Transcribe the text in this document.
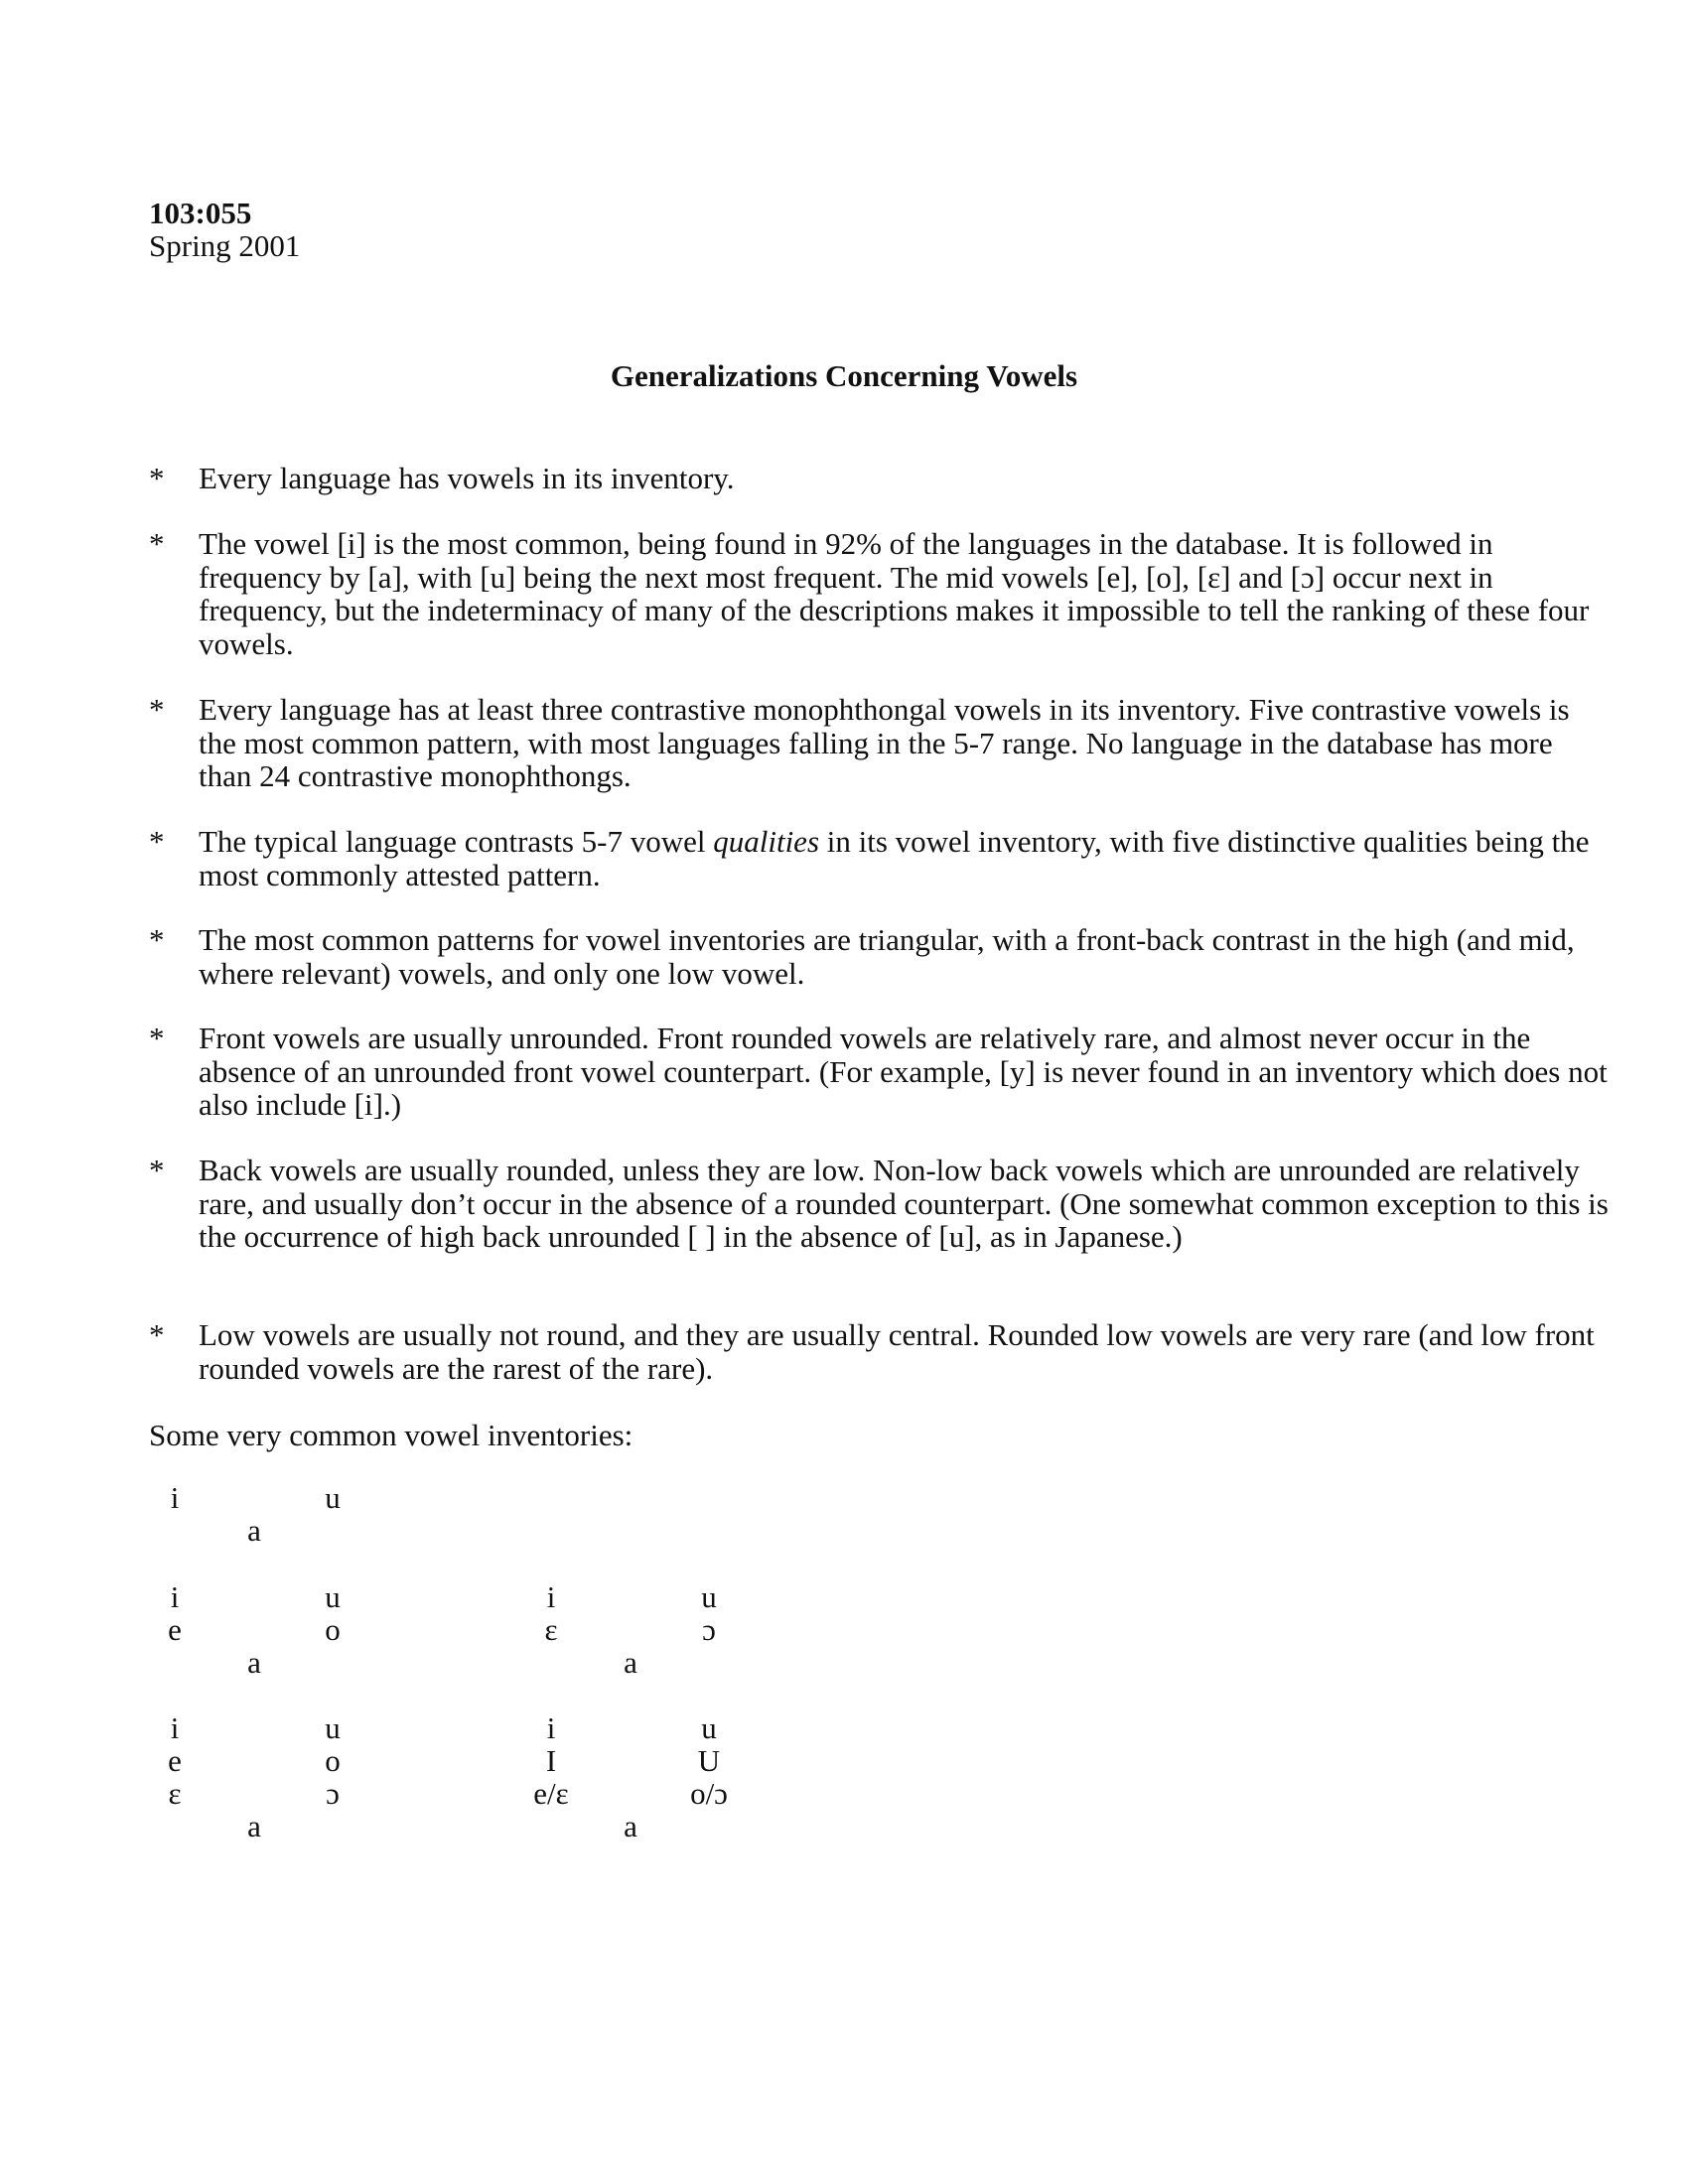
103:055
Spring 2001
Generalizations Concerning Vowels
* Every language has vowels in its inventory.
* The vowel [i] is the most common, being found in 92% of the languages in the database. It is followed in frequency by [a], with [u] being the next most frequent. The mid vowels [e], [o], [ɛ] and [ɔ] occur next in frequency, but the indeterminacy of many of the descriptions makes it impossible to tell the ranking of these four vowels.
* Every language has at least three contrastive monophthongal vowels in its inventory. Five contrastive vowels is the most common pattern, with most languages falling in the 5-7 range. No language in the database has more than 24 contrastive monophthongs.
* The typical language contrasts 5-7 vowel qualities in its vowel inventory, with five distinctive qualities being the most commonly attested pattern.
* The most common patterns for vowel inventories are triangular, with a front-back contrast in the high (and mid, where relevant) vowels, and only one low vowel.
* Front vowels are usually unrounded. Front rounded vowels are relatively rare, and almost never occur in the absence of an unrounded front vowel counterpart. (For example, [y] is never found in an inventory which does not also include [i].)
* Back vowels are usually rounded, unless they are low. Non-low back vowels which are unrounded are relatively rare, and usually don’t occur in the absence of a rounded counterpart. (One somewhat common exception to this is the occurrence of high back unrounded [ ] in the absence of [u], as in Japanese.)
* Low vowels are usually not round, and they are usually central. Rounded low vowels are very rare (and low front rounded vowels are the rarest of the rare).
Some very common vowel inventories:
i	u
a
i	u
e	o
a
i	u
ɛ	ɔ
a
i	u
e	o
ɛ	ɔ
a
i	u
I	U
e/ɛ	o/ɔ
a
